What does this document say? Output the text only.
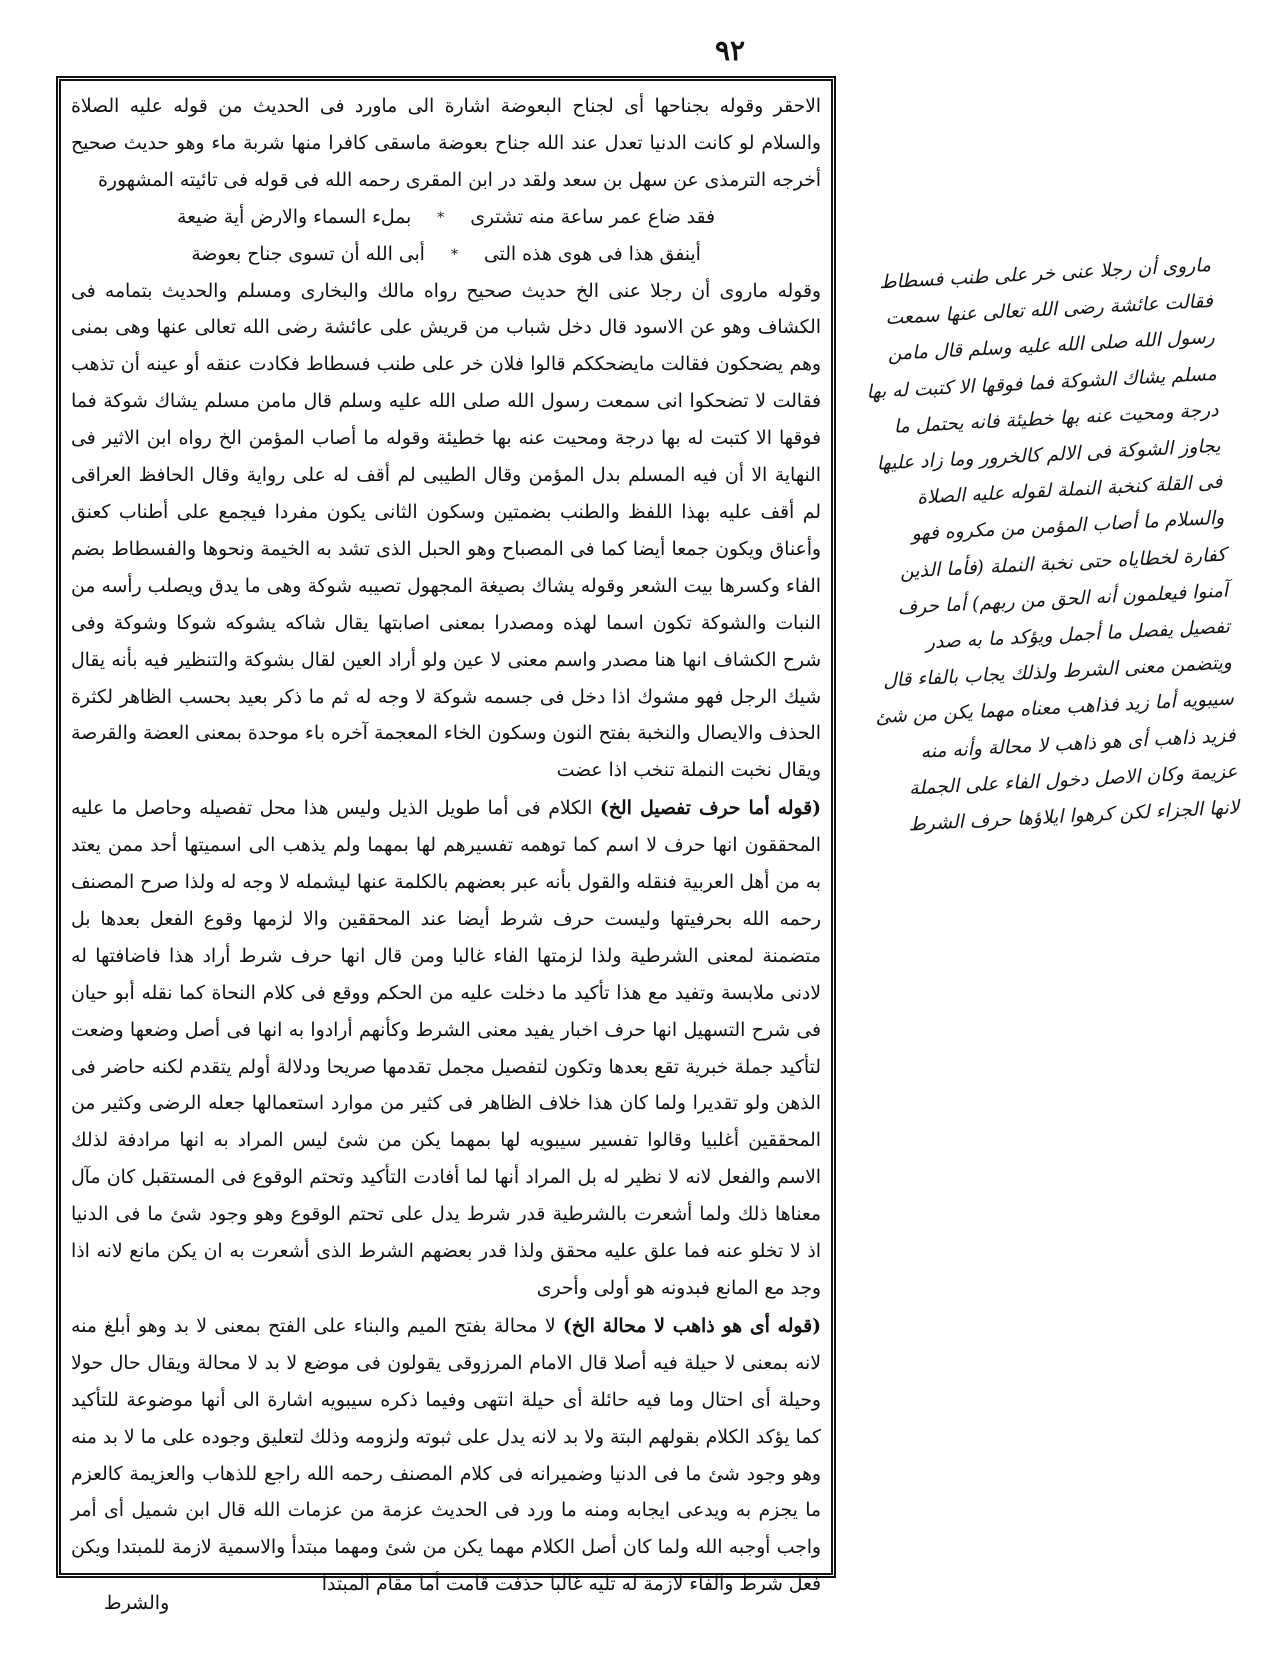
٩٢

الاحقر وقوله بجناحها أى لجناح البعوضة اشارة الى ماورد فى الحديث من قوله عليه الصلاة والسلام لو كانت الدنيا تعدل عند الله جناح بعوضة ماسقى كافرا منها شربة ماء وهو حديث صحيح أخرجه الترمذى عن سهل بن سعد ولقد در ابن المقرى رحمه الله فى قوله فى تائيته المشهورة

فقد ضاع عمر ساعة منه تشترى
*
بملء السماء والارض أية ضيعة
أينفق هذا فى هوى هذه التى
*
أبى الله أن تسوى جناح بعوضة

وقوله ماروى أن رجلا عنى الخ حديث صحيح رواه مالك والبخارى ومسلم والحديث بتمامه فى الكشاف وهو عن الاسود قال دخل شباب من قريش على عائشة رضى الله تعالى عنها وهى بمنى وهم يضحكون فقالت مايضحككم قالوا فلان خر على طنب فسطاط فكادت عنقه أو عينه أن تذهب فقالت لا تضحكوا انى سمعت رسول الله صلى الله عليه وسلم قال مامن مسلم يشاك شوكة فما فوقها الا كتبت له بها درجة ومحيت عنه بها خطيئة وقوله ما أصاب المؤمن الخ رواه ابن الاثير فى النهاية الا أن فيه المسلم بدل المؤمن وقال الطيبى لم أقف له على رواية وقال الحافظ العراقى لم أقف عليه بهذا اللفظ والطنب بضمتين وسكون الثانى يكون مفردا فيجمع على أطناب كعنق وأعناق ويكون جمعا أيضا كما فى المصباح وهو الحبل الذى تشد به الخيمة ونحوها والفسطاط بضم الفاء وكسرها بيت الشعر وقوله يشاك بصيغة المجهول تصيبه شوكة وهى ما يدق ويصلب رأسه من النبات والشوكة تكون اسما لهذه ومصدرا بمعنى اصابتها يقال شاكه يشوكه شوكا وشوكة وفى شرح الكشاف انها هنا مصدر واسم معنى لا عين ولو أراد العين لقال بشوكة والتنظير فيه بأنه يقال شيك الرجل فهو مشوك اذا دخل فى جسمه شوكة لا وجه له ثم ما ذكر بعيد بحسب الظاهر لكثرة الحذف والايصال والنخبة بفتح النون وسكون الخاء المعجمة آخره باء موحدة بمعنى العضة والقرصة ويقال نخبت النملة تنخب اذا عضت

(قوله أما حرف تفصيل الخ) الكلام فى أما طويل الذيل وليس هذا محل تفصيله وحاصل ما عليه المحققون انها حرف لا اسم كما توهمه تفسيرهم لها بمهما ولم يذهب الى اسميتها أحد ممن يعتد به من أهل العربية فنقله والقول بأنه عبر بعضهم بالكلمة عنها ليشمله لا وجه له ولذا صرح المصنف رحمه الله بحرفيتها وليست حرف شرط أيضا عند المحققين والا لزمها وقوع الفعل بعدها بل متضمنة لمعنى الشرطية ولذا لزمتها الفاء غالبا ومن قال انها حرف شرط أراد هذا فاضافتها له لادنى ملابسة وتفيد مع هذا تأكيد ما دخلت عليه من الحكم ووقع فى كلام النحاة كما نقله أبو حيان فى شرح التسهيل انها حرف اخبار يفيد معنى الشرط وكأنهم أرادوا به انها فى أصل وضعها وضعت لتأكيد جملة خبرية تقع بعدها وتكون لتفصيل مجمل تقدمها صريحا ودلالة أولم يتقدم لكنه حاضر فى الذهن ولو تقديرا ولما كان هذا خلاف الظاهر فى كثير من موارد استعمالها جعله الرضى وكثير من المحققين أغلبيا وقالوا تفسير سيبويه لها بمهما يكن من شئ ليس المراد به انها مرادفة لذلك الاسم والفعل لانه لا نظير له بل المراد أنها لما أفادت التأكيد وتحتم الوقوع فى المستقبل كان مآل معناها ذلك ولما أشعرت بالشرطية قدر شرط يدل على تحتم الوقوع وهو وجود شئ ما فى الدنيا اذ لا تخلو عنه فما علق عليه محقق ولذا قدر بعضهم الشرط الذى أشعرت به ان يكن مانع لانه اذا وجد مع المانع فبدونه هو أولى وأحرى

(قوله أى هو ذاهب لا محالة الخ) لا محالة بفتح الميم والبناء على الفتح بمعنى لا بد وهو أبلغ منه لانه بمعنى لا حيلة فيه أصلا قال الامام المرزوقى يقولون فى موضع لا بد لا محالة ويقال حال حولا وحيلة أى احتال وما فيه حائلة أى حيلة انتهى وفيما ذكره سيبويه اشارة الى أنها موضوعة للتأكيد كما يؤكد الكلام بقولهم البتة ولا بد لانه يدل على ثبوته ولزومه وذلك لتعليق وجوده على ما لا بد منه وهو وجود شئ ما فى الدنيا وضميرانه فى كلام المصنف رحمه الله راجع للذهاب والعزيمة كالعزم ما يجزم به ويدعى ايجابه ومنه ما ورد فى الحديث عزمة من عزمات الله قال ابن شميل أى أمر واجب أوجبه الله ولما كان أصل الكلام مهما يكن من شئ ومهما مبتدأ والاسمية لازمة للمبتدا ويكن فعل شرط والفاء لازمة له تليه غالبا حذفت قامت أما مقام المبتدا

ماروى أن رجلا عنى خر على طنب فسطاط فقالت عائشة رضى الله تعالى عنها سمعت رسول الله صلى الله عليه وسلم قال مامن مسلم يشاك الشوكة فما فوقها الا كتبت له بها درجة ومحيت عنه بها خطيئة فانه يحتمل ما يجاوز الشوكة فى الالم كالخرور وما زاد عليها فى القلة كنخبة النملة لقوله عليه الصلاة والسلام ما أصاب المؤمن من مكروه فهو كفارة لخطاياه حتى نخبة النملة (فأما الذين آمنوا فيعلمون أنه الحق من ربهم) أما حرف تفصيل يفصل ما أجمل ويؤكد ما به صدر ويتضمن معنى الشرط ولذلك يجاب بالفاء قال سيبويه أما زيد فذاهب معناه مهما يكن من شئ فزيد ذاهب أى هو ذاهب لا محالة وأنه منه عزيمة وكان الاصل دخول الفاء على الجملة لانها الجزاء لكن كرهوا ايلاؤها حرف الشرط

والشرط
